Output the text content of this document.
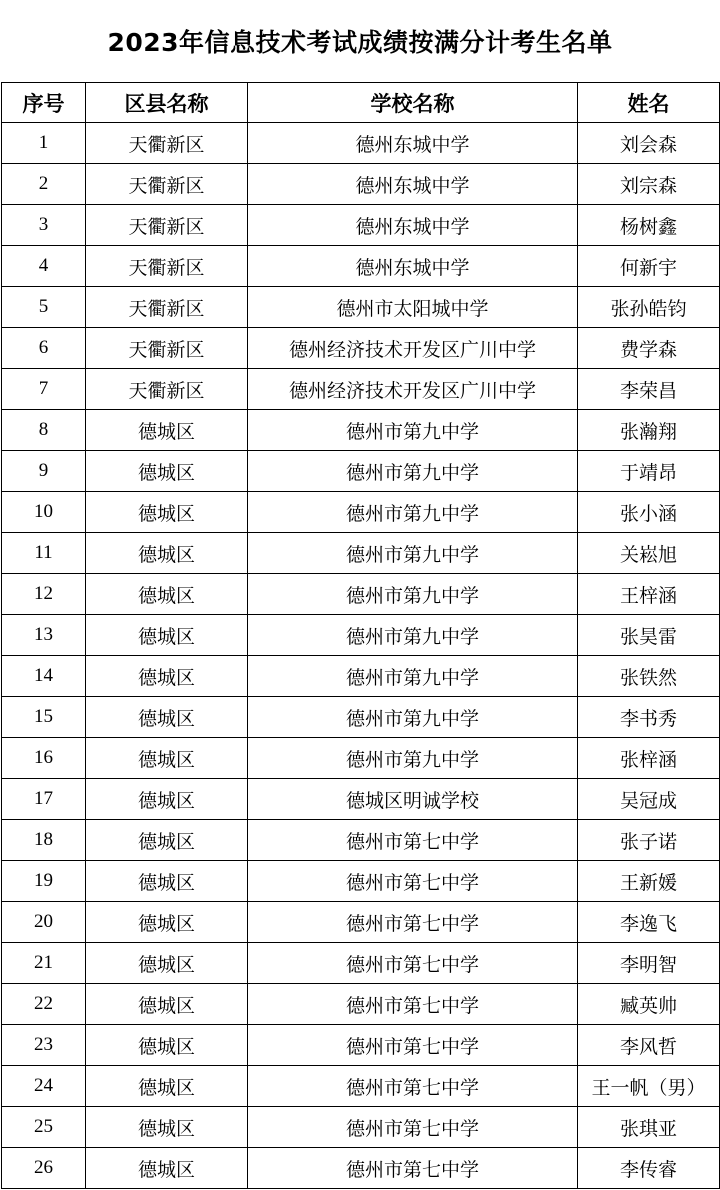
2023年信息技术考试成绩按满分计考生名单
序号	区县名称	学校名称	姓名
1	天衢新区	德州东城中学	刘会森
2	天衢新区	德州东城中学	刘宗森
3	天衢新区	德州东城中学	杨树鑫
4	天衢新区	德州东城中学	何新宇
5	天衢新区	德州市太阳城中学	张孙皓钧
6	天衢新区	德州经济技术开发区广川中学	费学森
7	天衢新区	德州经济技术开发区广川中学	李荣昌
8	德城区	德州市第九中学	张瀚翔
9	德城区	德州市第九中学	于靖昂
10	德城区	德州市第九中学	张小涵
11	德城区	德州市第九中学	关崧旭
12	德城区	德州市第九中学	王梓涵
13	德城区	德州市第九中学	张昊雷
14	德城区	德州市第九中学	张铁然
15	德城区	德州市第九中学	李书秀
16	德城区	德州市第九中学	张梓涵
17	德城区	德城区明诚学校	吴冠成
18	德城区	德州市第七中学	张子诺
19	德城区	德州市第七中学	王新媛
20	德城区	德州市第七中学	李逸飞
21	德城区	德州市第七中学	李明智
22	德城区	德州市第七中学	臧英帅
23	德城区	德州市第七中学	李风哲
24	德城区	德州市第七中学	王一帆（男）
25	德城区	德州市第七中学	张琪亚
26	德城区	德州市第七中学	李传睿
